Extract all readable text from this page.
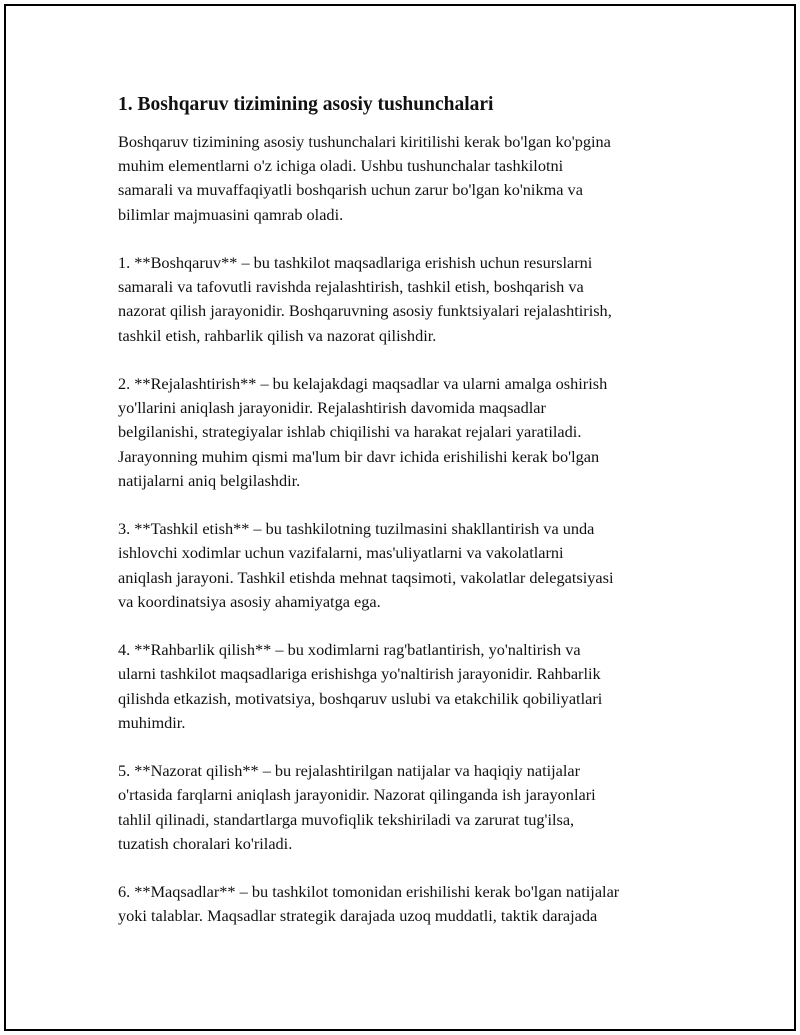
1. Boshqaruv tizimining asosiy tushunchalari

Boshqaruv tizimining asosiy tushunchalari kiritilishi kerak bo'lgan ko'pgina
muhim elementlarni o'z ichiga oladi. Ushbu tushunchalar tashkilotni
samarali va muvaffaqiyatli boshqarish uchun zarur bo'lgan ko'nikma va
bilimlar majmuasini qamrab oladi.

1. **Boshqaruv** – bu tashkilot maqsadlariga erishish uchun resurslarni
samarali va tafovutli ravishda rejalashtirish, tashkil etish, boshqarish va
nazorat qilish jarayonidir. Boshqaruvning asosiy funktsiyalari rejalashtirish,
tashkil etish, rahbarlik qilish va nazorat qilishdir.

2. **Rejalashtirish** – bu kelajakdagi maqsadlar va ularni amalga oshirish
yo'llarini aniqlash jarayonidir. Rejalashtirish davomida maqsadlar
belgilanishi, strategiyalar ishlab chiqilishi va harakat rejalari yaratiladi.
Jarayonning muhim qismi ma'lum bir davr ichida erishilishi kerak bo'lgan
natijalarni aniq belgilashdir.

3. **Tashkil etish** – bu tashkilotning tuzilmasini shakllantirish va unda
ishlovchi xodimlar uchun vazifalarni, mas'uliyatlarni va vakolatlarni
aniqlash jarayoni. Tashkil etishda mehnat taqsimoti, vakolatlar delegatsiyasi
va koordinatsiya asosiy ahamiyatga ega.

4. **Rahbarlik qilish** – bu xodimlarni rag'batlantirish, yo'naltirish va
ularni tashkilot maqsadlariga erishishga yo'naltirish jarayonidir. Rahbarlik
qilishda etkazish, motivatsiya, boshqaruv uslubi va etakchilik qobiliyatlari
muhimdir.

5. **Nazorat qilish** – bu rejalashtirilgan natijalar va haqiqiy natijalar
o'rtasida farqlarni aniqlash jarayonidir. Nazorat qilinganda ish jarayonlari
tahlil qilinadi, standartlarga muvofiqlik tekshiriladi va zarurat tug'ilsa,
tuzatish choralari ko'riladi.

6. **Maqsadlar** – bu tashkilot tomonidan erishilishi kerak bo'lgan natijalar
yoki talablar. Maqsadlar strategik darajada uzoq muddatli, taktik darajada
